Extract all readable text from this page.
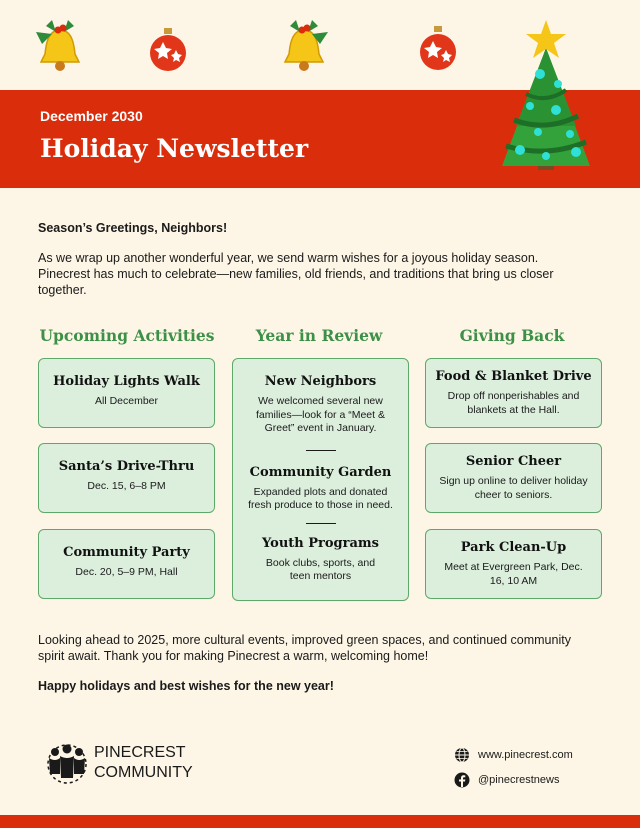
December 2030
Holiday Newsletter
Season’s Greetings, Neighbors!
As we wrap up another wonderful year, we send warm wishes for a joyous holiday season. Pinecrest has much to celebrate—new families, old friends, and traditions that bring us closer together.
Upcoming Activities	Year in Review	Giving Back
Holiday Lights Walk
All December
Santa’s Drive-Thru
Dec. 15, 6–8 PM
Community Party
Dec. 20, 5–9 PM, Hall
New Neighbors
We welcomed several new families—look for a “Meet & Greet” event in January.
Community Garden
Expanded plots and donated fresh produce to those in need.
Youth Programs
Book clubs, sports, and teen mentors
Food & Blanket Drive
Drop off nonperishables and blankets at the Hall.
Senior Cheer
Sign up online to deliver holiday cheer to seniors.
Park Clean-Up
Meet at Evergreen Park, Dec. 16, 10 AM
Looking ahead to 2025, more cultural events, improved green spaces, and continued community spirit await. Thank you for making Pinecrest a warm, welcoming home!
Happy holidays and best wishes for the new year!
PINECREST
COMMUNITY
www.pinecrest.com
@pinecrestnews
